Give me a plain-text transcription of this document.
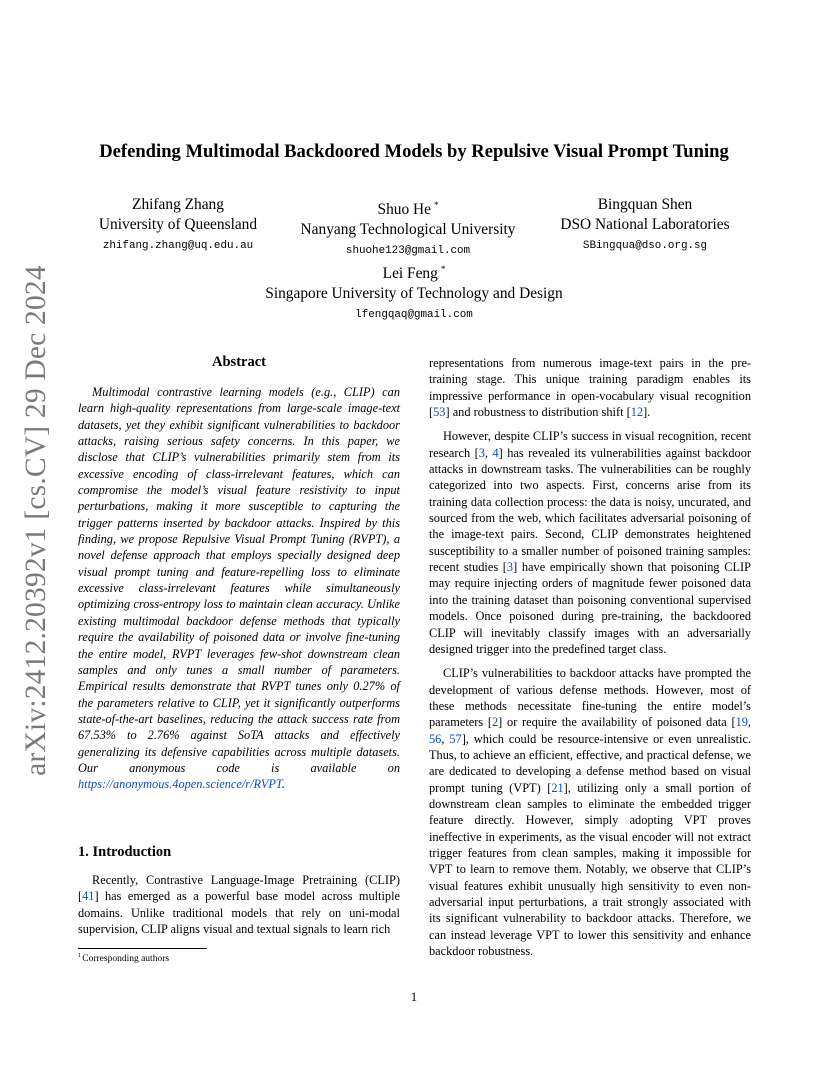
arXiv:2412.20392v1 [cs.CV] 29 Dec 2024
Defending Multimodal Backdoored Models by Repulsive Visual Prompt Tuning
Zhifang Zhang
University of Queensland
zhifang.zhang@uq.edu.au
Shuo He *
Nanyang Technological University
shuohe123@gmail.com
Bingquan Shen
DSO National Laboratories
SBingqua@dso.org.sg
Lei Feng *
Singapore University of Technology and Design
lfengqaq@gmail.com
Abstract

Multimodal contrastive learning models (e.g., CLIP) can learn high-quality representations from large-scale image-text datasets, yet they exhibit significant vulnerabilities to backdoor attacks, raising serious safety concerns. In this paper, we disclose that CLIP’s vulnerabilities primarily stem from its excessive encoding of class-irrelevant features, which can compromise the model’s visual feature resistivity to input perturbations, making it more susceptible to capturing the trigger patterns inserted by backdoor attacks. Inspired by this finding, we propose Repulsive Visual Prompt Tuning (RVPT), a novel defense approach that employs specially designed deep visual prompt tuning and feature-repelling loss to eliminate excessive class-irrelevant features while simultaneously optimizing cross-entropy loss to maintain clean accuracy. Unlike existing multimodal backdoor defense methods that typically require the availability of poisoned data or involve fine-tuning the entire model, RVPT leverages few-shot downstream clean samples and only tunes a small number of parameters. Empirical results demonstrate that RVPT tunes only 0.27% of the parameters relative to CLIP, yet it significantly outperforms state-of-the-art baselines, reducing the attack success rate from 67.53% to 2.76% against SoTA attacks and effectively generalizing its defensive capabilities across multiple datasets. Our anonymous code is available on https://anonymous.4open.science/r/RVPT.

1. Introduction

Recently, Contrastive Language-Image Pretraining (CLIP) [41] has emerged as a powerful base model across multiple domains. Unlike traditional models that rely on uni-modal supervision, CLIP aligns visual and textual signals to learn rich

representations from numerous image-text pairs in the pre-training stage. This unique training paradigm enables its impressive performance in open-vocabulary visual recognition [53] and robustness to distribution shift [12].

However, despite CLIP’s success in visual recognition, recent research [3, 4] has revealed its vulnerabilities against backdoor attacks in downstream tasks. The vulnerabilities can be roughly categorized into two aspects. First, concerns arise from its training data collection process: the data is noisy, uncurated, and sourced from the web, which facilitates adversarial poisoning of the image-text pairs. Second, CLIP demonstrates heightened susceptibility to a smaller number of poisoned training samples: recent studies [3] have empirically shown that poisoning CLIP may require injecting orders of magnitude fewer poisoned data into the training dataset than poisoning conventional supervised models. Once poisoned during pre-training, the backdoored CLIP will inevitably classify images with an adversarially designed trigger into the predefined target class.

CLIP’s vulnerabilities to backdoor attacks have prompted the development of various defense methods. However, most of these methods necessitate fine-tuning the entire model’s parameters [2] or require the availability of poisoned data [19, 56, 57], which could be resource-intensive or even unrealistic. Thus, to achieve an efficient, effective, and practical defense, we are dedicated to developing a defense method based on visual prompt tuning (VPT) [21], utilizing only a small portion of downstream clean samples to eliminate the embedded trigger feature directly. However, simply adopting VPT proves ineffective in experiments, as the visual encoder will not extract trigger features from clean samples, making it impossible for VPT to learn to remove them. Notably, we observe that CLIP’s visual features exhibit unusually high sensitivity to even non-adversarial input perturbations, a trait strongly associated with its significant vulnerability to backdoor attacks. Therefore, we can instead leverage VPT to lower this sensitivity and enhance backdoor robustness.

$^1$Corresponding authors
1
